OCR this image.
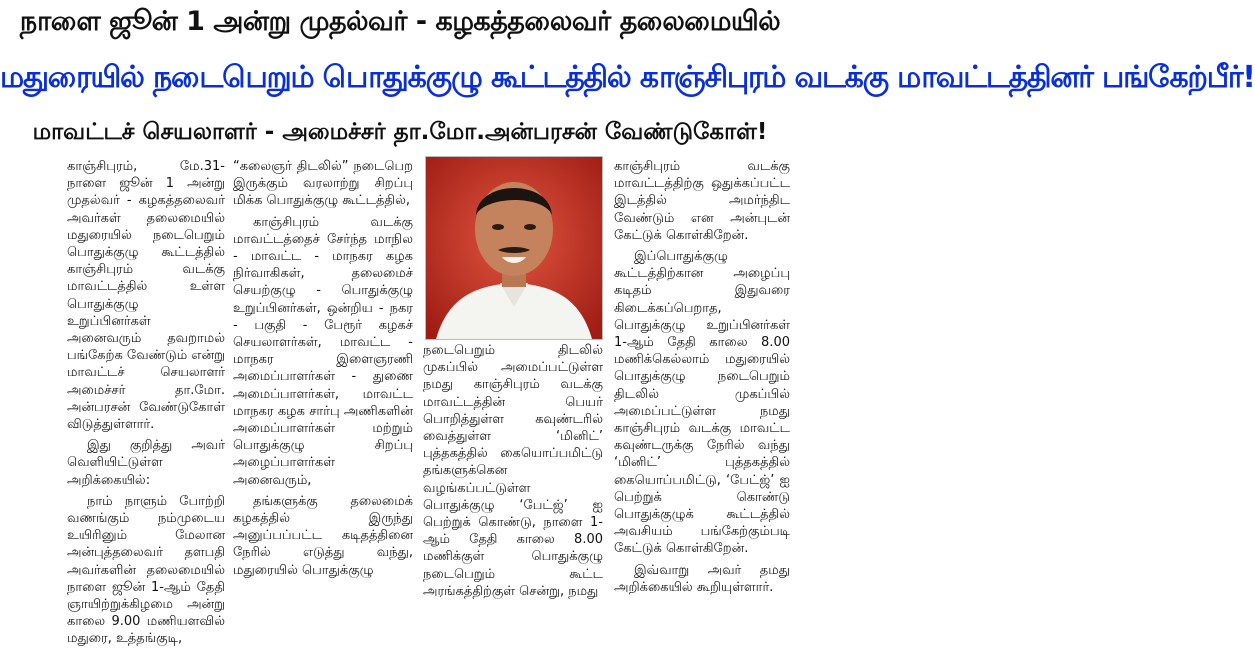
நாளை ஜூன் 1 அன்று முதல்வர் - கழகத்தலைவர் தலைமையில்
மதுரையில் நடைபெறும் பொதுக்குழு கூட்டத்தில் காஞ்சிபுரம் வடக்கு மாவட்டத்தினர் பங்கேற்பீர்!
மாவட்டச் செயலாளர் - அமைச்சர் தா.மோ.அன்பரசன் வேண்டுகோள்!

காஞ்சிபுரம், மே.31- நாளை ஜூன் 1 அன்று முதல்வர் - கழகத்தலைவர் அவர்கள் தலைமையில் மதுரையில் நடைபெறும் பொதுக்குழு கூட்டத்தில் காஞ்சிபுரம் வடக்கு மாவட்டத்தில் உள்ள பொதுக்குழு உறுப்பினர்கள் அனைவரும் தவறாமல் பங்கேற்க வேண்டும் என்று மாவட்டச் செயலாளர் அமைச்சர் தா.மோ. அன்பரசன் வேண்டுகோள் விடுத்துள்ளார்.

இது குறித்து அவர் வெளியிட்டுள்ள அறிக்கையில்:

நாம் நாளும் போற்றி வணங்கும் நம்முடைய உயிரினும் மேலான அன்புத்தலைவர் தளபதி அவர்களின் தலைமையில் நாளை ஜூன் 1-ஆம் தேதி ஞாயிற்றுக்கிழமை அன்று காலை 9.00 மணியளவில் மதுரை, உத்தங்குடி,

“கலைஞர் திடலில்” நடைபெற இருக்கும் வரலாற்று சிறப்பு மிக்க பொதுக்குழு கூட்டத்தில்,

காஞ்சிபுரம் வடக்கு மாவட்டத்தைச் சேர்ந்த மாநில - மாவட்ட - மாநகர கழக நிர்வாகிகள், தலைமைச் செயற்குழு - பொதுக்குழு உறுப்பினர்கள், ஒன்றிய - நகர - பகுதி - பேரூர் கழகச் செயலாளர்கள், மாவட்ட - மாநகர இளைஞரணி அமைப்பாளர்கள் - துணை அமைப்பாளர்கள், மாவட்ட மாநகர கழக சார்பு அணிகளின் அமைப்பாளர்கள் மற்றும் பொதுக்குழு சிறப்பு அழைப்பாளர்கள் அனைவரும்,

தங்களுக்கு தலைமைக் கழகத்தில் இருந்து அனுப்பப்பட்ட கடிதத்தினை நேரில் எடுத்து வந்து, மதுரையில் பொதுக்குழு

நடைபெறும் திடலில் முகப்பில் அமைப்பட்டுள்ள நமது காஞ்சிபுரம் வடக்கு மாவட்டத்தின் பெயர் பொறித்துள்ள கவுண்டரில் வைத்துள்ள ‘மினிட்’ புத்தகத்தில் கையொப்பமிட்டு தங்களுக்கென வழங்கப்பட்டுள்ள பொதுக்குழு ‘பேட்ஜ்’ ஐ பெற்றுக் கொண்டு, நாளை 1-ஆம் தேதி காலை 8.00 மணிக்குள் பொதுக்குழு நடைபெறும் கூட்ட அரங்கத்திற்குள் சென்று, நமது

காஞ்சிபுரம் வடக்கு மாவட்டத்திற்கு ஒதுக்கப்பட்ட இடத்தில் அமர்ந்திட வேண்டும் என அன்புடன் கேட்டுக் கொள்கிறேன்.

இப்பொதுக்குழு கூட்டத்திற்கான அழைப்பு கடிதம் இதுவரை கிடைக்கப்பெறாத, பொதுக்குழு உறுப்பினர்கள் 1-ஆம் தேதி காலை 8.00 மணிக்கெல்லாம் மதுரையில் பொதுக்குழு நடைபெறும் திடலில் முகப்பில் அமைப்பட்டுள்ள நமது காஞ்சிபுரம் வடக்கு மாவட்ட கவுண்டருக்கு நேரில் வந்து ‘மினிட்’ புத்தகத்தில் கையொப்பமிட்டு, ‘பேட்ஜ்’ ஐ பெற்றுக் கொண்டு பொதுக்குழுக் கூட்டத்தில் அவசியம் பங்கேற்கும்படி கேட்டுக் கொள்கிறேன்.

இவ்வாறு அவர் தமது அறிக்கையில் கூறியுள்ளார்.
